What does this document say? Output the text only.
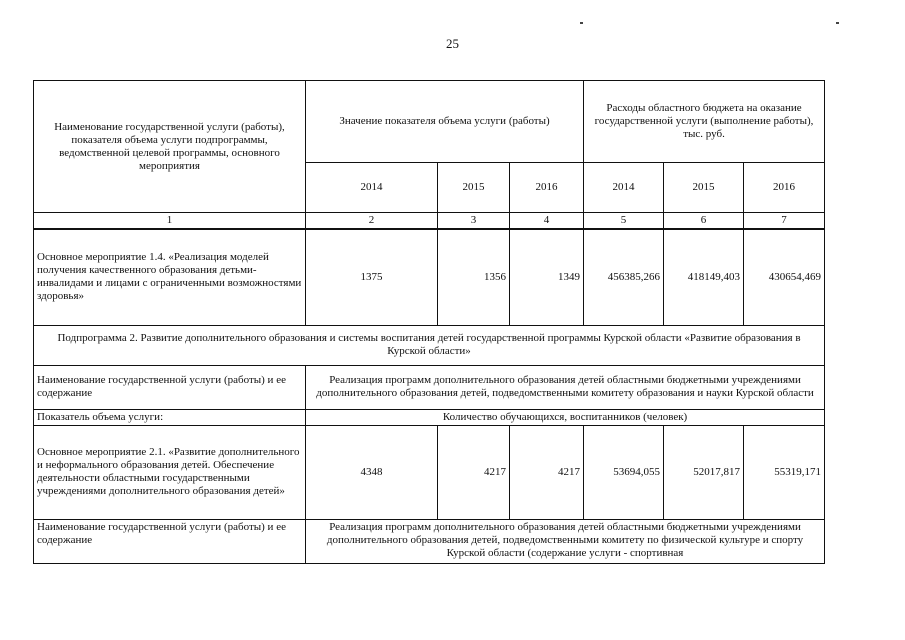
25
Наименование государственной услуги (работы), показателя объема услуги подпрограммы, ведомственной целевой программы, основного мероприятия	Значение показателя объема услуги (работы)			Расходы областного бюджета на оказание государственной услуги (выполнение работы), тыс. руб.		
	2014	2015	2016	2014	2015	2016
1	2	3	4	5	6	7
Основное мероприятие 1.4. «Реализация моделей получения качественного образования детьми-инвалидами и лицами с ограниченными возможностями здоровья»	1375	1356	1349	456385,266	418149,403	430654,469
Подпрограмма 2. Развитие дополнительного образования и системы воспитания детей государственной программы Курской области «Развитие образования в Курской области»						
Наименование государственной услуги (работы) и ее содержание	Реализация программ дополнительного образования детей областными бюджетными учреждениями дополнительного образования детей, подведомственными комитету образования и науки Курской области					
Показатель объема услуги:	Количество обучающихся, воспитанников (человек)					
Основное мероприятие 2.1. «Развитие дополнительного и неформального образования детей. Обеспечение деятельности областными государственными учреждениями дополнительного образования детей»	4348	4217	4217	53694,055	52017,817	55319,171
Наименование государственной услуги (работы) и ее содержание	Реализация программ дополнительного образования детей областными бюджетными учреждениями дополнительного образования детей, подведомственными комитету по физической культуре и спорту Курской области (содержание услуги - спортивная					
